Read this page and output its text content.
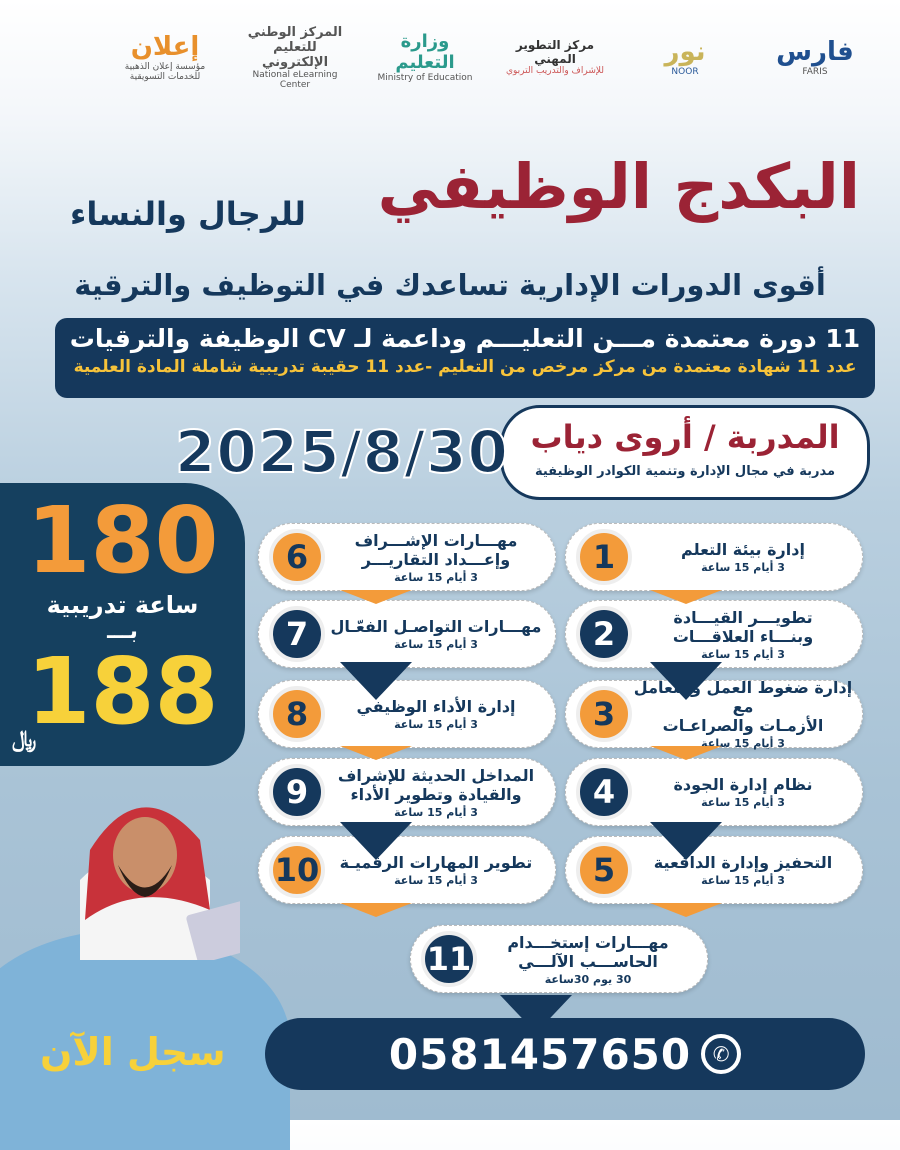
إعلان
مؤسسة إعلان الذهبية للخدمات التسويقية
المركز الوطني للتعليم الإلكتروني
National eLearning Center
وزارة التعليم
Ministry of Education
مركز التطوير المهني
للإشراف والتدريب التربوي
نور
NOOR
فارس
FARIS
البكدج الوظيفي
للرجال والنساء
أقوى الدورات الإدارية تساعدك في التوظيف والترقية
11 دورة معتمدة مـــن التعليـــم وداعمة لـ CV الوظيفة والترقيات
عدد 11 شهادة معتمدة من مركز مرخص من التعليم -عدد 11 حقيبة تدريبية شاملة المادة العلمية
المدربة / أروى دياب
مدربة في مجال الإدارة وتنمية الكوادر الوظيفية
2025/8/30
180
ساعة تدريبية
بـــ
188
﷼
1	إدارة بيئة التعلم
3 أيام 15 ساعة
2	تطويـــر القيـــادة
وبنـــاء العلاقـــات
3 أيام 15 ساعة
3
إدارة ضغوط العمل والتعامل مع
الأزمـات والصراعـات
3 أيام 15 ساعة
4	نظام إدارة الجودة
3 أيام 15 ساعة
5	التحفيز وإدارة الدافعية
3 أيام 15 ساعة
6	مهـــارات الإشـــراف
وإعـــداد التقاريـــر
3 أيام 15 ساعة
7	مهـــارات التواصـل الفعّـال
3 أيام 15 ساعة
8	إدارة الأداء الوظيفي
3 أيام 15 ساعة
9	المداخل الحديثة للإشراف
والقيادة وتطوير الأداء
3 أيام 15 ساعة
10	تطوير المهارات الرقميـة
3 أيام 15 ساعة
11	مهـــارات إستخـــدام
الحاســـب الآلـــي
30 يوم 30ساعة
0581457650	✆
سجل الآن
